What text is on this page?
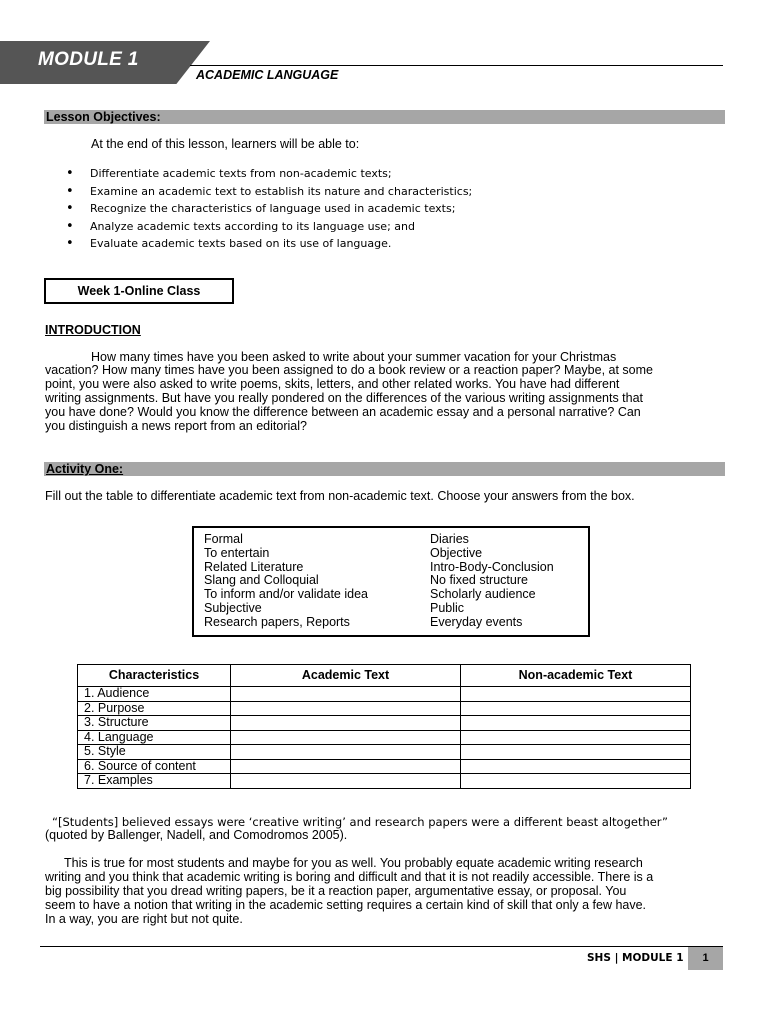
MODULE 1
ACADEMIC LANGUAGE
Lesson Objectives:
At the end of this lesson, learners will be able to:
• Differentiate academic texts from non-academic texts;
• Examine an academic text to establish its nature and characteristics;
• Recognize the characteristics of language used in academic texts;
• Analyze academic texts according to its language use; and
• Evaluate academic texts based on its use of language.
Week 1-Online Class
INTRODUCTION
How many times have you been asked to write about your summer vacation for your Christmas
vacation? How many times have you been assigned to do a book review or a reaction paper? Maybe, at some
point, you were also asked to write poems, skits, letters, and other related works. You have had different
writing assignments. But have you really pondered on the differences of the various writing assignments that
you have done? Would you know the difference between an academic essay and a personal narrative? Can
you distinguish a news report from an editorial?
Activity One:
Fill out the table to differentiate academic text from non-academic text. Choose your answers from the box.
Formal
To entertain
Related Literature
Slang and Colloquial
To inform and/or validate idea
Subjective
Research papers, Reports
Diaries
Objective
Intro-Body-Conclusion
No fixed structure
Scholarly audience
Public
Everyday events
Characteristics	Academic Text	Non-academic Text
1. Audience		
2. Purpose		
3. Structure		
4. Language		
5. Style		
6. Source of content		
7. Examples		
“[Students] believed essays were ‘creative writing’ and research papers were a different beast altogether”
(quoted by Ballenger, Nadell, and Comodromos 2005).
This is true for most students and maybe for you as well. You probably equate academic writing research
writing and you think that academic writing is boring and difficult and that it is not readily accessible. There is a
big possibility that you dread writing papers, be it a reaction paper, argumentative essay, or proposal. You
seem to have a notion that writing in the academic setting requires a certain kind of skill that only a few have.
In a way, you are right but not quite.
SHS | MODULE 1	1
